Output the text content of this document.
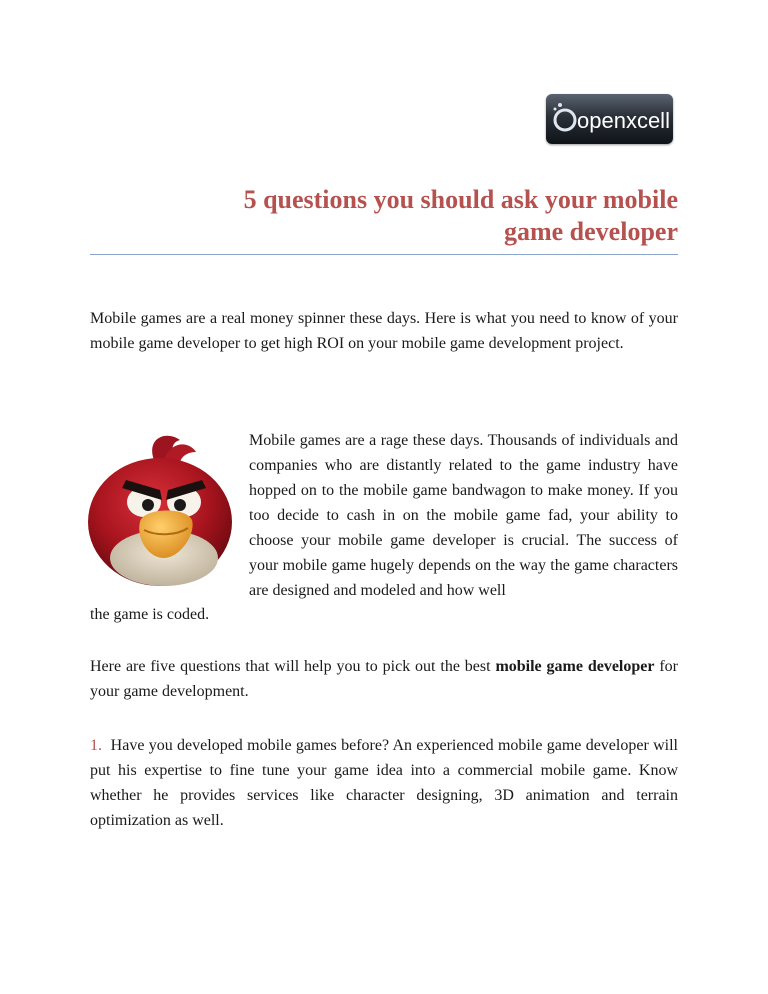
openxcell
5 questions you should ask your mobile
game developer

Mobile games are a real money spinner these days. Here is what you need to know of your mobile game developer to get high ROI on your mobile game development project.

Mobile games are a rage these days. Thousands of individuals and companies who are distantly related to the game industry have hopped on to the mobile game bandwagon to make money. If you too decide to cash in on the mobile game fad, your ability to choose your mobile game developer is crucial. The success of your mobile game hugely depends on the way the game characters are designed and modeled and how well

the game is coded.

Here are five questions that will help you to pick out the best mobile game developer for your game development.

1. Have you developed mobile games before? An experienced mobile game developer will put his expertise to fine tune your game idea into a commercial mobile game. Know whether he provides services like character designing, 3D animation and terrain optimization as well.
